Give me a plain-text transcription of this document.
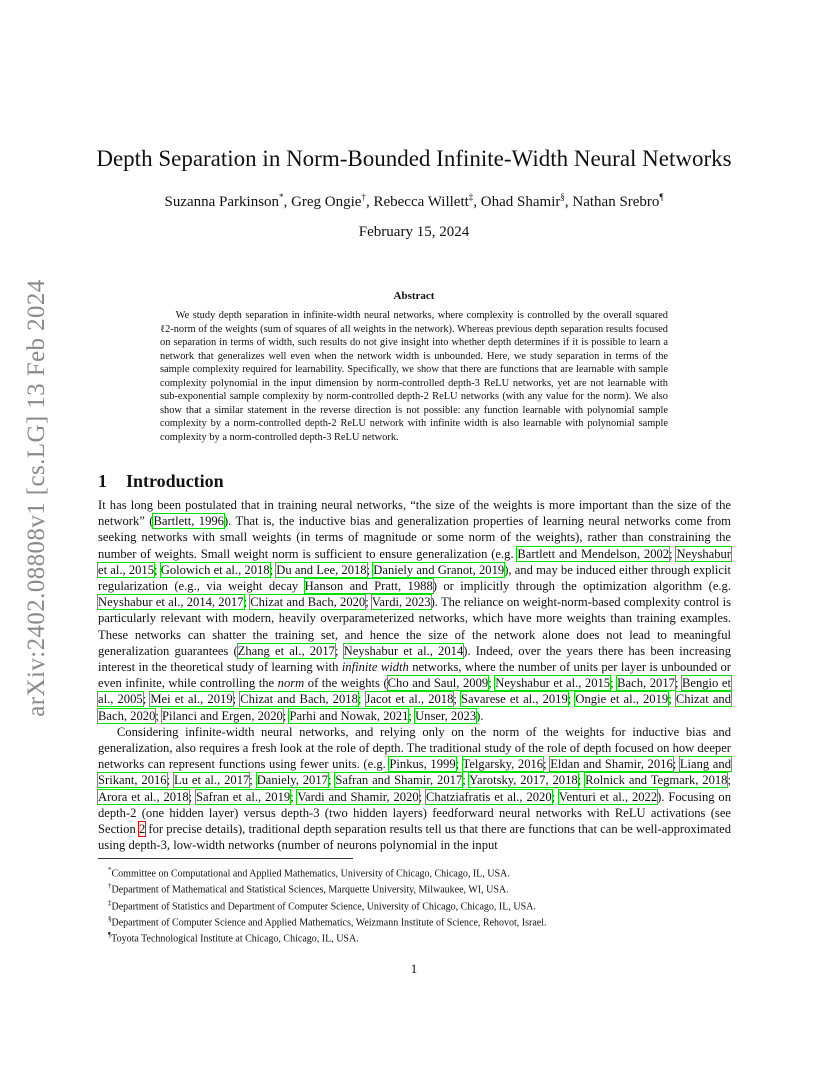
arXiv:2402.08808v1 [cs.LG] 13 Feb 2024
Depth Separation in Norm-Bounded Infinite-Width Neural Networks
Suzanna Parkinson*, Greg Ongie†, Rebecca Willett‡, Ohad Shamir§, Nathan Srebro¶
February 15, 2024
Abstract

We study depth separation in infinite-width neural networks, where complexity is controlled by the overall squared ℓ2-norm of the weights (sum of squares of all weights in the network). Whereas previous depth separation results focused on separation in terms of width, such results do not give insight into whether depth determines if it is possible to learn a network that generalizes well even when the network width is unbounded. Here, we study separation in terms of the sample complexity required for learnability. Specifically, we show that there are functions that are learnable with sample complexity polynomial in the input dimension by norm-controlled depth-3 ReLU networks, yet are not learnable with sub-exponential sample complexity by norm-controlled depth-2 ReLU networks (with any value for the norm). We also show that a similar statement in the reverse direction is not possible: any function learnable with polynomial sample complexity by a norm-controlled depth-2 ReLU network with infinite width is also learnable with polynomial sample complexity by a norm-controlled depth-3 ReLU network.

1 Introduction

It has long been postulated that in training neural networks, “the size of the weights is more important than the size of the network” (Bartlett, 1996). That is, the inductive bias and generalization properties of learning neural networks come from seeking networks with small weights (in terms of magnitude or some norm of the weights), rather than constraining the number of weights. Small weight norm is sufficient to ensure generalization (e.g. Bartlett and Mendelson, 2002; Neyshabur et al., 2015; Golowich et al., 2018; Du and Lee, 2018; Daniely and Granot, 2019), and may be induced either through explicit regularization (e.g., via weight decay Hanson and Pratt, 1988) or implicitly through the optimization algorithm (e.g. Neyshabur et al., 2014, 2017; Chizat and Bach, 2020; Vardi, 2023). The reliance on weight-norm-based complexity control is particularly relevant with modern, heavily overparameterized networks, which have more weights than training examples. These networks can shatter the training set, and hence the size of the network alone does not lead to meaningful generalization guarantees (Zhang et al., 2017; Neyshabur et al., 2014). Indeed, over the years there has been increasing interest in the theoretical study of learning with infinite width networks, where the number of units per layer is unbounded or even infinite, while controlling the norm of the weights (Cho and Saul, 2009; Neyshabur et al., 2015; Bach, 2017; Bengio et al., 2005; Mei et al., 2019; Chizat and Bach, 2018; Jacot et al., 2018; Savarese et al., 2019; Ongie et al., 2019; Chizat and Bach, 2020; Pilanci and Ergen, 2020; Parhi and Nowak, 2021; Unser, 2023).

Considering infinite-width neural networks, and relying only on the norm of the weights for inductive bias and generalization, also requires a fresh look at the role of depth. The traditional study of the role of depth focused on how deeper networks can represent functions using fewer units. (e.g. Pinkus, 1999; Telgarsky, 2016; Eldan and Shamir, 2016; Liang and Srikant, 2016; Lu et al., 2017; Daniely, 2017; Safran and Shamir, 2017; Yarotsky, 2017, 2018; Rolnick and Tegmark, 2018; Arora et al., 2018; Safran et al., 2019; Vardi and Shamir, 2020; Chatziafratis et al., 2020; Venturi et al., 2022). Focusing on depth-2 (one hidden layer) versus depth-3 (two hidden layers) feedforward neural networks with ReLU activations (see Section 2 for precise details), traditional depth separation results tell us that there are functions that can be well-approximated using depth-3, low-width networks (number of neurons polynomial in the input

*Committee on Computational and Applied Mathematics, University of Chicago, Chicago, IL, USA.
†Department of Mathematical and Statistical Sciences, Marquette University, Milwaukee, WI, USA.
‡Department of Statistics and Department of Computer Science, University of Chicago, Chicago, IL, USA.
§Department of Computer Science and Applied Mathematics, Weizmann Institute of Science, Rehovot, Israel.
¶Toyota Technological Institute at Chicago, Chicago, IL, USA.
1
